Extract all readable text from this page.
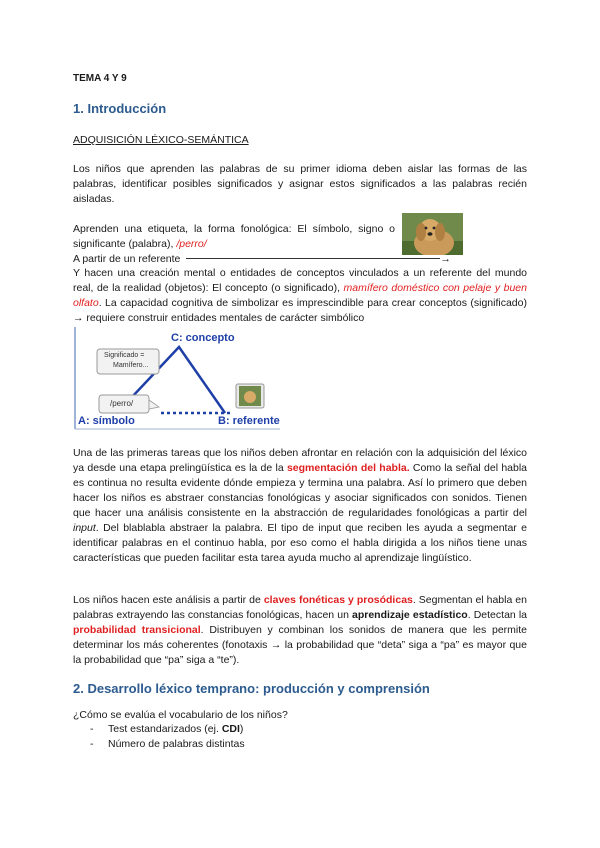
TEMA 4 Y 9
1. Introducción
ADQUISICIÓN LÉXICO-SEMÁNTICA

Los niños que aprenden las palabras de su primer idioma deben aislar las formas de las palabras, identificar posibles significados y asignar estos significados a las palabras recién aisladas.

Aprenden una etiqueta, la forma fonológica: El símbolo, signo o significante (palabra), /perro/

A partir de un referente	→

Y hacen una creación mental o entidades de conceptos vinculados a un referente del mundo real, de la realidad (objetos): El concepto (o significado), mamífero doméstico con pelaje y buen olfato. La capacidad cognitiva de simbolizar es imprescindible para crear conceptos (significado) → requiere construir entidades mentales de carácter simbólico

C: concepto
Significado =
Mamífero...
/perro/
A: símbolo	B: referente

Una de las primeras tareas que los niños deben afrontar en relación con la adquisición del léxico ya desde una etapa prelingüística es la de la segmentación del habla. Como la señal del habla es continua no resulta evidente dónde empieza y termina una palabra. Así lo primero que deben hacer los niños es abstraer constancias fonológicas y asociar significados con sonidos. Tienen que hacer una análisis consistente en la abstracción de regularidades fonológicas a partir del input. Del blablabla abstraer la palabra. El tipo de input que reciben les ayuda a segmentar e identificar palabras en el continuo habla, por eso como el habla dirigida a los niños tiene unas características que pueden facilitar esta tarea ayuda mucho al aprendizaje lingüístico.

Los niños hacen este análisis a partir de claves fonéticas y prosódicas. Segmentan el habla en palabras extrayendo las constancias fonológicas, hacen un aprendizaje estadístico. Detectan la probabilidad transicional. Distribuyen y combinan los sonidos de manera que les permite determinar los más coherentes (fonotaxis → la probabilidad que “deta” siga a “pa” es mayor que la probabilidad que “pa” siga a “te”).

2. Desarrollo léxico temprano: producción y comprensión

¿Cómo se evalúa el vocabulario de los niños?

- Test estandarizados (ej. CDI)
- Número de palabras distintas
